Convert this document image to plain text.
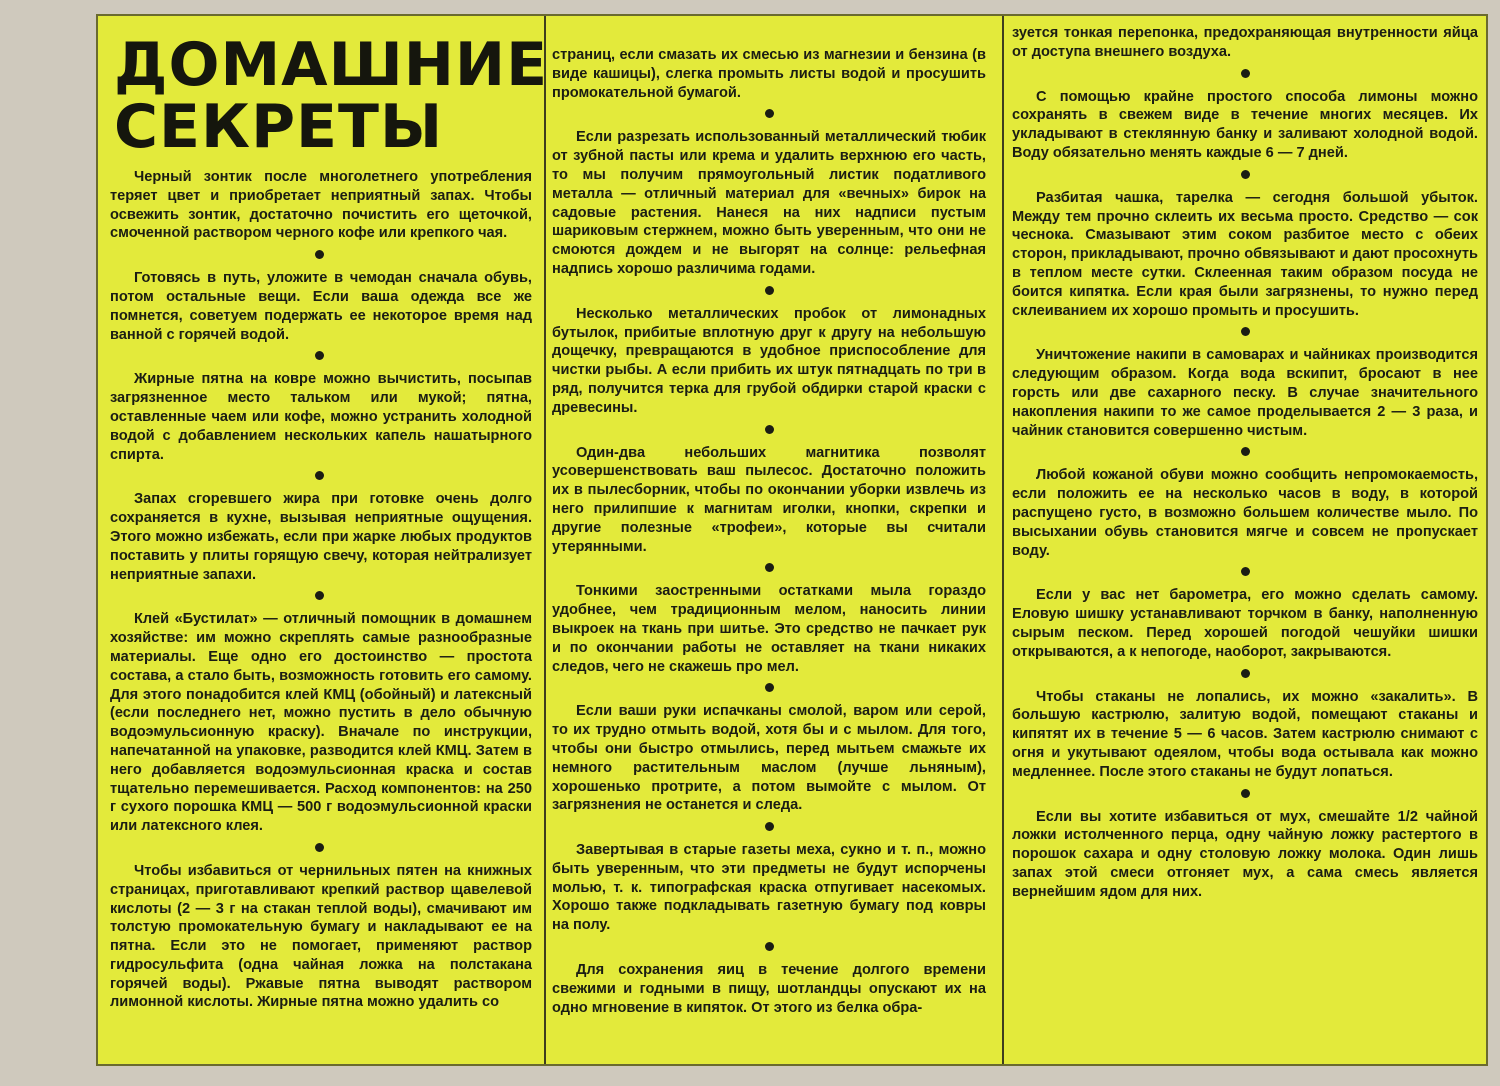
ДОМАШНИЕ
СЕКРЕТЫ

Черный зонтик после многолетнего употребления теряет цвет и приобретает неприятный запах. Чтобы освежить зонтик, достаточно почистить его щеточкой, смоченной раствором черного кофе или крепкого чая.

Готовясь в путь, уложите в чемодан сначала обувь, потом остальные вещи. Если ваша одежда все же помнется, советуем подержать ее некоторое время над ванной с горячей водой.

Жирные пятна на ковре можно вычистить, посыпав загрязненное место тальком или мукой; пятна, оставленные чаем или кофе, можно устранить холодной водой с добавлением нескольких капель нашатырного спирта.

Запах сгоревшего жира при готовке очень долго сохраняется в кухне, вызывая неприятные ощущения. Этого можно избежать, если при жарке любых продуктов поставить у плиты горящую свечу, которая нейтрализует неприятные запахи.

Клей «Бустилат» — отличный помощник в домашнем хозяйстве: им можно скреплять самые разнообразные материалы. Еще одно его достоинство — простота состава, а стало быть, возможность готовить его самому. Для этого понадобится клей КМЦ (обойный) и латексный (если последнего нет, можно пустить в дело обычную водоэмульсионную краску). Вначале по инструкции, напечатанной на упаковке, разводится клей КМЦ. Затем в него добавляется водоэмульсионная краска и состав тщательно перемешивается. Расход компонентов: на 250 г сухого порошка КМЦ — 500 г водоэмульсионной краски или латексного клея.

Чтобы избавиться от чернильных пятен на книжных страницах, приготавливают крепкий раствор щавелевой кислоты (2 — 3 г на стакан теплой воды), смачивают им толстую промокательную бумагу и накладывают ее на пятна. Если это не помогает, применяют раствор гидросульфита (одна чайная ложка на полстакана горячей воды). Ржавые пятна выводят раствором лимонной кислоты. Жирные пятна можно удалить со

страниц, если смазать их смесью из магнезии и бензина (в виде кашицы), слегка промыть листы водой и просушить промокательной бумагой.

Если разрезать использованный металлический тюбик от зубной пасты или крема и удалить верхнюю его часть, то мы получим прямоугольный листик податливого металла — отличный материал для «вечных» бирок на садовые растения. Нанеся на них надписи пустым шариковым стержнем, можно быть уверенным, что они не смоются дождем и не выгорят на солнце: рельефная надпись хорошо различима годами.

Несколько металлических пробок от лимонадных бутылок, прибитые вплотную друг к другу на небольшую дощечку, превращаются в удобное приспособление для чистки рыбы. А если прибить их штук пятнадцать по три в ряд, получится терка для грубой обдирки старой краски с древесины.

Один-два небольших магнитика позволят усовершенствовать ваш пылесос. Достаточно положить их в пылесборник, чтобы по окончании уборки извлечь из него прилипшие к магнитам иголки, кнопки, скрепки и другие полезные «трофеи», которые вы считали утерянными.

Тонкими заостренными остатками мыла гораздо удобнее, чем традиционным мелом, наносить линии выкроек на ткань при шитье. Это средство не пачкает рук и по окончании работы не оставляет на ткани никаких следов, чего не скажешь про мел.

Если ваши руки испачканы смолой, варом или серой, то их трудно отмыть водой, хотя бы и с мылом. Для того, чтобы они быстро отмылись, перед мытьем смажьте их немного растительным маслом (лучше льняным), хорошенько протрите, а потом вымойте с мылом. От загрязнения не останется и следа.

Завертывая в старые газеты меха, сукно и т. п., можно быть уверенным, что эти предметы не будут испорчены молью, т. к. типографская краска отпугивает насекомых. Хорошо также подкладывать газетную бумагу под ковры на полу.

Для сохранения яиц в течение долгого времени свежими и годными в пищу, шотландцы опускают их на одно мгновение в кипяток. От этого из белка обра-

зуется тонкая перепонка, предохраняющая внутренности яйца от доступа внешнего воздуха.

С помощью крайне простого способа лимоны можно сохранять в свежем виде в течение многих месяцев. Их укладывают в стеклянную банку и заливают холодной водой. Воду обязательно менять каждые 6 — 7 дней.

Разбитая чашка, тарелка — сегодня большой убыток. Между тем прочно склеить их весьма просто. Средство — сок чеснока. Смазывают этим соком разбитое место с обеих сторон, прикладывают, прочно обвязывают и дают просохнуть в теплом месте сутки. Склеенная таким образом посуда не боится кипятка. Если края были загрязнены, то нужно перед склеиванием их хорошо промыть и просушить.

Уничтожение накипи в самоварах и чайниках производится следующим образом. Когда вода вскипит, бросают в нее горсть или две сахарного песку. В случае значительного накопления накипи то же самое проделывается 2 — 3 раза, и чайник становится совершенно чистым.

Любой кожаной обуви можно сообщить непромокаемость, если положить ее на несколько часов в воду, в которой распущено густо, в возможно большем количестве мыло. По высыхании обувь становится мягче и совсем не пропускает воду.

Если у вас нет барометра, его можно сделать самому. Еловую шишку устанавливают торчком в банку, наполненную сырым песком. Перед хорошей погодой чешуйки шишки открываются, а к непогоде, наоборот, закрываются.

Чтобы стаканы не лопались, их можно «закалить». В большую кастрюлю, залитую водой, помещают стаканы и кипятят их в течение 5 — 6 часов. Затем кастрюлю снимают с огня и укутывают одеялом, чтобы вода остывала как можно медленнее. После этого стаканы не будут лопаться.

Если вы хотите избавиться от мух, смешайте 1/2 чайной ложки истолченного перца, одну чайную ложку растертого в порошок сахара и одну столовую ложку молока. Один лишь запах этой смеси отгоняет мух, а сама смесь является вернейшим ядом для них.
